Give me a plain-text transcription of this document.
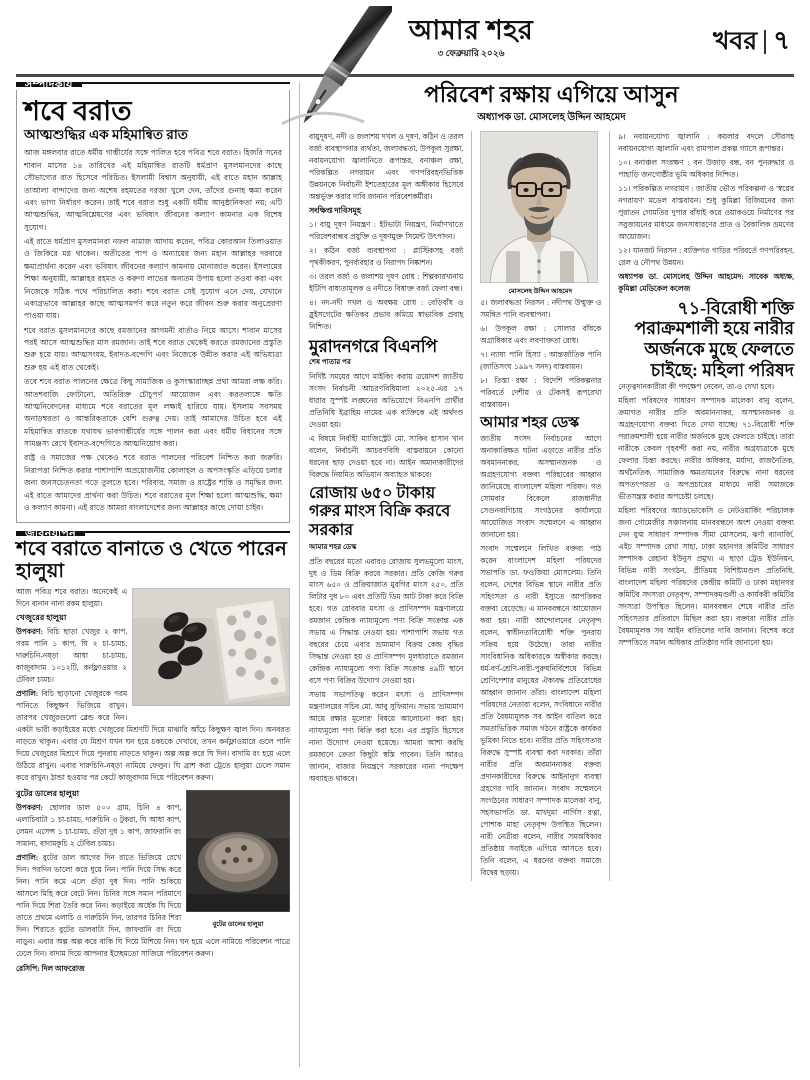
আমার শহর
৩ ফেব্রুয়ারি ২০২৬	খবর ৭
সম্পাদকীয়
শবে বরাত
আত্মশুদ্ধির এক মহিমান্বিত রাত

আজ মঙ্গলবার রাতে ধর্মীয় গাম্ভীর্যের সঙ্গে পালিত হবে পবিত্র শবে বরাত। হিজরি সনের শাবান মাসের ১৪ তারিখের এই মহিমান্বিত রাতটি ধর্মপ্রাণ মুসলমানদের কাছে সৌভাগ্যের রাত হিসেবে পরিচিত। ইসলামী বিশ্বাস অনুযায়ী, এই রাতে মহান আল্লাহ তাআলা বান্দাদের জন্য অশেষ রহমতের দরজা খুলে দেন, তাঁদের গুনাহ ক্ষমা করেন এবং ভাগ্য নির্ধারণ করেন। তাই শবে বরাত শুধু একটি ধর্মীয় আনুষ্ঠানিকতা নয়; এটি আত্মশুদ্ধির, আত্মবিশ্লেষণের এবং ভবিষ্যৎ জীবনের কল্যাণ কামনার এক বিশেষ সুযোগ।

এই রাতে ধর্মপ্রাণ মুসলমানরা নফল নামাজ আদায় করেন, পবিত্র কোরআন তিলাওয়াত ও জিকিরে মগ্ন থাকেন। অতীতের পাপ ও অন্যায়ের জন্য মহান আল্লাহর দরবারে ক্ষমাপ্রার্থনা করেন এবং ভবিষ্যৎ জীবনের কল্যাণ কামনায় মোনাজাত করেন। ইসলামের শিক্ষা অনুযায়ী, আল্লাহর রহমত ও করুণা লাভের অন্যতম উপায় হলো তওবা করা এবং নিজেকে সঠিক পথে পরিচালিত করা। শবে বরাত সেই সুযোগ এনে দেয়, যেখানে একাগ্রভাবে আল্লাহর কাছে আত্মসমর্পণ করে নতুন করে জীবন শুরু করার অনুপ্রেরণা পাওয়া যায়।

শবে বরাত মুসলমানদের কাছে রমজানের আগমনী বার্তাও নিয়ে আসে। শাবান মাসের পরই আসে আত্মশুদ্ধির মাস রমজান। তাই শবে বরাত থেকেই করতে রমজানের প্রস্তুতি শুরু হয়ে যায়। আত্মসংযম, ইবাদত-বন্দেগি এবং নিজেকে উন্নীত করার এই অভিযাত্রা শুরু হয় এই রাত থেকেই।

তবে শবে বরাত পালনের ক্ষেত্রে কিছু সামাজিক ও কুসংস্কারাচ্ছন্ন প্রথা আমরা লক্ষ করি। আতশবাজি ফোটানো, অতিরিক্ত চৌচুপর্ণ আয়োজন এবং করতলাঙ্গে ক্ষতি আত্মনিবেদনের মাধ্যমে শবে বরাতের মূল লক্ষ্যই হারিয়ে যায়। ইসলাম সবসময় অনাড়ম্বরতা ও আন্তরিকতাকে বেশি গুরুত্ব দেয়। তাই আমাদের উচিত হবে এই মহিমান্বিত রাতকে যথাযথ ভাবগাম্ভীর্যের সঙ্গে পালন করা এবং ধর্মীয় বিধানের সঙ্গে সামঞ্জস্য রেখে ইবাদত-বন্দেগিতে আত্মনিয়োগ করা।

রাষ্ট্র ও সমাজের পক্ষ থেকেও শবে বরাত পালনের পরিবেশ নিশ্চিত করা জরুরি। নিরাপত্তা নিশ্চিত করার পাশাপাশি অপ্রয়োজনীয় কোলাহল ও অপসংস্কৃতি এড়িয়ে চলার জন্য জনসচেতনতা গড়ে তুলতে হবে। পরিবার, সমাজ ও রাষ্ট্রের শান্তি ও সমৃদ্ধির জন্য এই রাতে আমাদের প্রার্থনা করা উচিত। শবে বরাতের মূল শিক্ষা হলো আত্মশুদ্ধি, ক্ষমা ও কল্যাণ কামনা। এই রাতে আমরা বাংলাদেশের জন্য আল্লাহর কাছে দোয়া চাইব।

জীবনযাপন
শবে বরাতে বানাতে ও খেতে পারেন হালুয়া

আজ পবিত্র শবে বরাত। অনেকেই এ দিনে বানান নানা রকম হালুয়া।

খেজুরের হালুয়া

উপকরণ: বিচি ছাড়া খেজুর ২ কাপ, গরম পানি ১ কাপ, ঘি ২ চা-চামচ, দারুচিনি-নষ্ড়া আধা চা-চামচ, কাজুবাদাম ১০১২টি, কর্নফ্লাওয়ার ২ টেবিল চামচ।

প্রণালি: বিচি ছাড়ানো খেজুরকে গরম পানিতে কিছুক্ষণ ভিজিয়ে রাখুন। তারপর খেজুরগুলো ব্লেন্ড করে নিন। একটা ভারী কড়াইয়ের মধ্যে খেজুরের মিশ্রণটি দিয়ে মাঝারি আঁচে কিছুক্ষণ জ্বাল দিন। অনবরত নাড়তে থাকুন। এবার যে মিশ্রণ যখন ঘন হয়ে চকচকে দেখাবে, তখন কর্নফ্লাওয়ারে গুলে পানি দিয়ে খেজুরের মিশ্রণে দিয়ে পুনরায় নাড়তে থাকুন। অল্প অল্প করে ঘি দিন। বাদামি রং হয়ে এলে উঠিয়ে রাখুন। এবার দারুচিনি-নষ্ড়া নামিয়ে ফেলুন। ঘি ব্রাশ করা ট্রেতে হালুয়া ঢেলে সমান করে রাখুন। ঠান্ডা হওয়ার পর কেটে কাজুবাদাম দিয়ে পরিবেশন করুন।

বুটের ডালের হালুয়া
বুটের ডালের হালুয়া

উপকরণ: ছোলার ডাল ৫০০ গ্রাম, চিনি ৪ কাপ, এলাচিবাটা ১ চা-চামচ, দারুচিনি ৩ টুকরা, ঘি আধা কাপ, লেমন এসেন্স ১ চা-চামচ, গুঁড়া দুধ ১ কাপ, জাফরানি রং সামান্য, বাদামকুচি ২ টেবিল চামচ।

প্রণালি: বুটের ডাল আগের দিন রাতে ভিজিয়ে রেখে দিন। পরদিন ভালো করে ধুয়ে নিন। পানি দিয়ে সিদ্ধ করে নিন। পানি কমে এলে গুঁড়া দুধ দিন। পানি শুকিয়ে আসলে মিহি করে বেটে নিন। চিনির সঙ্গে সমান পরিমাণে পানি দিয়ে শিরা তৈরি করে নিন। কড়াইয়ে অর্ধেক ঘি দিয়ে তাতে প্রথমে এলাচি ও দারুচিনি দিন, তারপর চিনির শিরা দিন। শিরাতে বুটের ডালবাটা দিন, জাফরানি রং দিয়ে নাড়ুন। এবার অল্প অল্প করে বাকি ঘি দিয়ে মিশিয়ে নিন। ঘন হয়ে এলে নামিয়ে পরিবেশন পাত্রে ঢেলে দিন। বাদাম দিয়ে আপনার ইচ্ছেমতো সাজিয়ে পরিবেশন করুন।

রেসিপি: দিল আফরোজ
পরিবেশ রক্ষায় এগিয়ে আসুন
অধ্যাপক ডা. মোসলেহ উদ্দিন আহমেদ

বায়ুদূষণ, নদী ও জলাশয় দখল ও দূষণ, কঠিন ও তরল বর্জ্য ব্যবস্থাপনার ব্যর্থতা, জলাবদ্ধতা, উপকূল সুরক্ষা, নবায়নযোগ্য জ্বালানিতে রূপান্তর, বনাঞ্চল রক্ষা, পরিকল্পিত নগরায়ন এবং গণপরিবহনভিত্তিক উন্নয়নকে নির্বাচনী ইশতেহারের মূল অঙ্গীকার হিসেবে অন্তর্ভুক্ত করার দাবি জানান পরিবেশকর্মীরা।

সংক্ষিপ্ত দাবিসমূহ

১। বায়ু দূষণ নিয়ন্ত্রণ : ইটভাটা নিয়ন্ত্রণ, নির্মাণখাতে পরিবেশবান্ধব প্রযুক্তি ও দূষণমুক্ত সিমেন্ট উৎপাদন।

২। কঠিন বর্জ্য ব্যবস্থাপনা : প্লাস্টিকসহ বর্জ্য পৃথকীকরণ, পুনর্ব্যবহার ও নিরাপদ নিষ্কাশন।

৩। তরল বর্জ্য ও জলাশয় দূষণ রোধ : শিল্পকারখানায় ইটিপি বাধ্যতামূলক ও নদীতে বিষাক্ত বর্জ্য ফেলা বন্ধ।

৪। নদ-নদী দখল ও অবক্ষয় রোধ : বেড়িবাঁধ ও স্লুইসগেটের ক্ষতিকর প্রভাব কমিয়ে স্বাভাবিক প্রবাহ নিশ্চিত।

মুরাদনগরে বিএনপি
শেষ পাতার পর

নির্দিষ্ট সময়ের আগে মাইকিং করায় ত্রয়োদশ জাতীয় সংসদ নির্বাচনী আচরণবিধিমালা ২০২৫-এর ১৭ ধারার সুস্পষ্ট লঙ্ঘনের অভিযোগে বিএনপি প্রার্থীর প্রতিনিধি ইব্রাহিম নামের এক ব্যক্তিকে এই অর্থদণ্ড দেওয়া হয়।

এ বিষয়ে নির্বাহী ম্যাজিস্ট্রেট মো. সাকিব হাসান খান বলেন, নির্বাচনী আচরণবিধি বাস্তবায়নে কোনো ধরনের ছাড় দেওয়া হবে না। আইন অমান্যকারীদের বিরুদ্ধে নিয়মিত অভিযান অব্যাহত থাকবে।

রোজায় ৬৫০ টাকায় গরুর মাংস বিক্রি করবে সরকার
আমার শহর ডেস্ক

প্রতি বছরের মতো এবারও রোজায় সুলভমূল্যে মাংস, দুধ ও ডিম বিক্রি করবে সরকার। প্রতি কেজি গরুর মাংস ৬৫০ ও প্রক্রিয়াজাত মুরগির মাংস ২৫০, প্রতি লিটার দুধ ৮০ এবং প্রতিটি ডিম আট টাকা করে বিক্রি হবে। গত রোববার মৎস্য ও প্রাণিসম্পদ মন্ত্রণালয়ে রমজান কেন্দ্রিক ন্যায্যমূল্যে পণ্য বিক্রি সংক্রান্ত এক সভায় এ সিদ্ধান্ত নেওয়া হয়। পাশাপাশি সভায় গত বছরের চেয়ে এবার ভ্রাম্যমাণ বিক্রয় কেন্দ্র বৃদ্ধির সিদ্ধান্ত নেওয়া হয় ও প্রাণিসম্পদ মূলধারাতে রমজান কেন্দ্রিক ন্যায্যমূল্যে পণ্য বিক্রি সংক্রান্ত ৪৯টি স্থানে বসে পণ্য বিক্রির উদ্যোগ নেওয়া হয়।

সভায় সভাপতিত্ব করেন মৎস্য ও প্রাণিসম্পদ মন্ত্রণালয়ের সচিব মো. আবু সুফিয়ান। সভায় 'ভ্রাম্যমাণ আয়ে রক্ষার মূল্যের' বিষয়ে আলোচনা করা হয়। ন্যায্যমূল্যে পণ্য বিক্রি করা হবে। এর প্রস্তুতি হিসেবে নানা উদ্যোগ নেওয়া হয়েছে। আমরা আশা করছি রমজানে ক্রেতা কিছুটা স্বস্তি পাবেন। তিনি আরও জানান, বাজার নিয়ন্ত্রণে সরকারের নানা পদক্ষেপ অব্যাহত থাকবে।

মোসলেহ উদ্দিন আহমেদ

৫। জলাবদ্ধতা নিরসন : নদীপথ উন্মুক্ত ও সমন্বিত পানি ব্যবস্থাপনা।

৬। উপকূল রক্ষা : সোলার বাঁধকে অগ্রাধিকার এবং লবণাক্ততা রোধ।

৭। ন্যায্য পানি হিস্যা : আন্তর্জাতিক পানি (জাতিসংঘ ১৯৯৭ সনদ) বাস্তবায়ন।

৮। তিস্তা রক্ষা : বিদেশি পরিকল্পনার পরিবর্তে দেশীয় ও টেকসই রূপরেখা বাস্তবায়ন।

আমার শহর ডেস্ক

জাতীয় সংসদ নির্বাচনের আগে অনাকাঙ্ক্ষিত ঘটনা এড়াতে নারীর প্রতি অবমাননাকর, অসম্মানজনক ও অগ্রহণযোগ্য বক্তব্য পরিহারের আহ্বান জানিয়েছে বাংলাদেশ মহিলা পরিষদ। গত সোমবার বিকেলে রাজধানীর সেগুনবাগিচায় সংগঠনের কার্যালয়ে আয়োজিত সংবাদ সম্মেলনে এ আহ্বান জানানো হয়।

সংবাদ সম্মেলনে লিখিত বক্তব্য পাঠ করেন বাংলাদেশ মহিলা পরিষদের সভাপতি ডা. ফওজিয়া মোসলেম। তিনি বলেন, দেশের বিভিন্ন স্থানে নারীর প্রতি সহিংসতা ও নারী ইস্যুতে আপত্তিকর বক্তব্য বেড়েছে। এ মানববন্ধনে আয়োজন করা হয়। নারী আন্দোলনের নেতৃবৃন্দ বলেন, স্বাধীনতাবিরোধী শক্তি পুনরায় সক্রিয় হয়ে উঠেছে। তারা নারীর সাংবিধানিক অধিকারকে অস্বীকার করছে। ধর্ম-বর্ণ-শ্রেণি-নারী-পুরুষনির্বিশেষে বিভিন্ন শ্রেণিপেশার মানুষের ঐক্যবদ্ধ প্রতিরোধের আহ্বান জানান তাঁরা। বাংলাদেশ মহিলা পরিষদের নেতারা বলেন, সংবিধানে নারীর প্রতি বৈষম্যমূলক সব আইন বাতিল করে সমতাভিত্তিক সমাজ গঠনে রাষ্ট্রকে কার্যকর ভূমিকা নিতে হবে। নারীর প্রতি সহিংসতার বিরুদ্ধে সুস্পষ্ট ব্যবস্থা করা দরকার। তাঁরা নারীর প্রতি অবমাননাকর বক্তব্য প্রদানকারীদের বিরুদ্ধে আইনানুগ ব্যবস্থা গ্রহণের দাবি জানান। সংবাদ সম্মেলনে সংগঠনের সাধারণ সম্পাদক মালেকা বানু, সহসভাপতি ডা. মাখদুমা নার্গিস রত্না, পোশাক মাহা নেতৃবৃন্দ উপস্থিত ছিলেন। নারী নেত্রীরা বলেন, নারীর সমঅধিকার প্রতিষ্ঠায় সবাইকে এগিয়ে আসতে হবে। তিনি বলেন, এ ধরনের বক্তব্য সমাজে বিদ্বেষ ছড়ায়।

৯। নবায়নযোগ্য জ্বালানি : কয়লার বদলে সৌরসহ নবায়নযোগ্য জ্বালানি এবং রামপাল প্রকল্প গ্যাসে রূপান্তর।

১০। বনাঞ্চল সংরক্ষণ : বন উজাড় বন্ধ, বন পুনরুদ্ধার ও পাহাড়ি জনগোষ্ঠীর ভূমি অধিকার নিশ্চিত।

১১। পরিকল্পিত নগরায়ণ : জাতীয় ভৌত পরিকল্পনা ও 'স্বপ্নের নগরায়ণ' মডেল বাস্তবায়ন। শুধু কুমিল্লা রিজিয়নের জন্য পুরাতন গোমতির দুপার বাঁধাই করে ওয়াকওয়ে নির্মাণের পর সবুজায়নের মাধ্যমে জনসাধারণের প্রাত ও বৈকালিক ভ্রমণের আয়োজন।

১২। যানজট নিরসন : ব্যক্তিগত গাড়ির পরিবর্তে গণপরিবহন, রেল ও নৌপথ উন্নয়ন।

অধ্যাপক ডা. মোসলেহ উদ্দিন আহমেদ: সাবেক অধ্যক্ষ, কুমিল্লা মেডিকেল কলেজ

৭১-বিরোধী শক্তি পরাক্রমশালী হয়ে নারীর অর্জনকে মুছে ফেলতে চাইছে: মহিলা পরিষদ

নেতৃত্বদানকারীরা কী পদক্ষেপ নেবেন, তা-ও দেখা হবে।

মহিলা পরিষদের সাধারণ সম্পাদক মালেকা বানু বলেন, ক্রমাগত নারীর প্রতি অবমাননাকর, অসম্মানজনক ও অগ্রহণযোগ্য বক্তব্য দিতে দেখা যাচ্ছে। ৭১-বিরোধী শক্তি পরাক্রমশালী হয়ে নারীর অর্জনকে মুছে ফেলতে চাইছে। তারা নারীকে কেবল গৃহবন্দী করা নয়, নারীর অগ্রযাত্রাকে মুছে ফেলার চিন্তা করছে। নারীর অধিকার, মর্যাদা, রাজনৈতিক, অর্থনৈতিক, সামাজিক ক্ষমতায়নের বিরুদ্ধে নানা ধরনের অপতৎপরতা ও অপপ্রচারের মাধ্যমে নারী সমাজকে ভীতসন্ত্রস্ত করার অপচেষ্টা চলছে।

মহিলা পরিষদের অ্যাডভোকেসি ও নেটওয়ার্কিং পরিচালক জনা গোমেজীর সঞ্চালনায় মানববন্ধনে অংশ নেওয়া বক্তব্য দেন যুগ্ম সাধারণ সম্পাদক সীমা মোসলেম, ঝর্ণা ব্যানার্জি, এইচ সম্পাদক রেখা সাহা, ঢাকা মহানগর কমিটির সাধারণ সম্পাদক রেহানা ইউনুস প্রমুখ। এ ছাড়া ট্রেড ইউনিয়ন, বিভিন্ন নারী সংগঠন, প্রীতিময় বিশিষ্ট্যমণ্ডল প্রতিনিধি, বাংলাদেশ মহিলা পরিষদের কেন্দ্রীয় কমিটি ও ঢাকা মহানগর কমিটির সদস্যরা নেতৃবৃন্দ, সম্পাদকমণ্ডলী ও কার্যকরী কমিটির সদস্যরা উপস্থিত ছিলেন। মানববন্ধন শেষে নারীর প্রতি সহিংসতার প্রতিবাদে মিছিল করা হয়। বক্তারা নারীর প্রতি বৈষম্যমূলক সব আইন বাতিলের দাবি জানান। বিশেষ করে সম্পত্তিতে সমান অধিকার প্রতিষ্ঠার দাবি জানানো হয়।
